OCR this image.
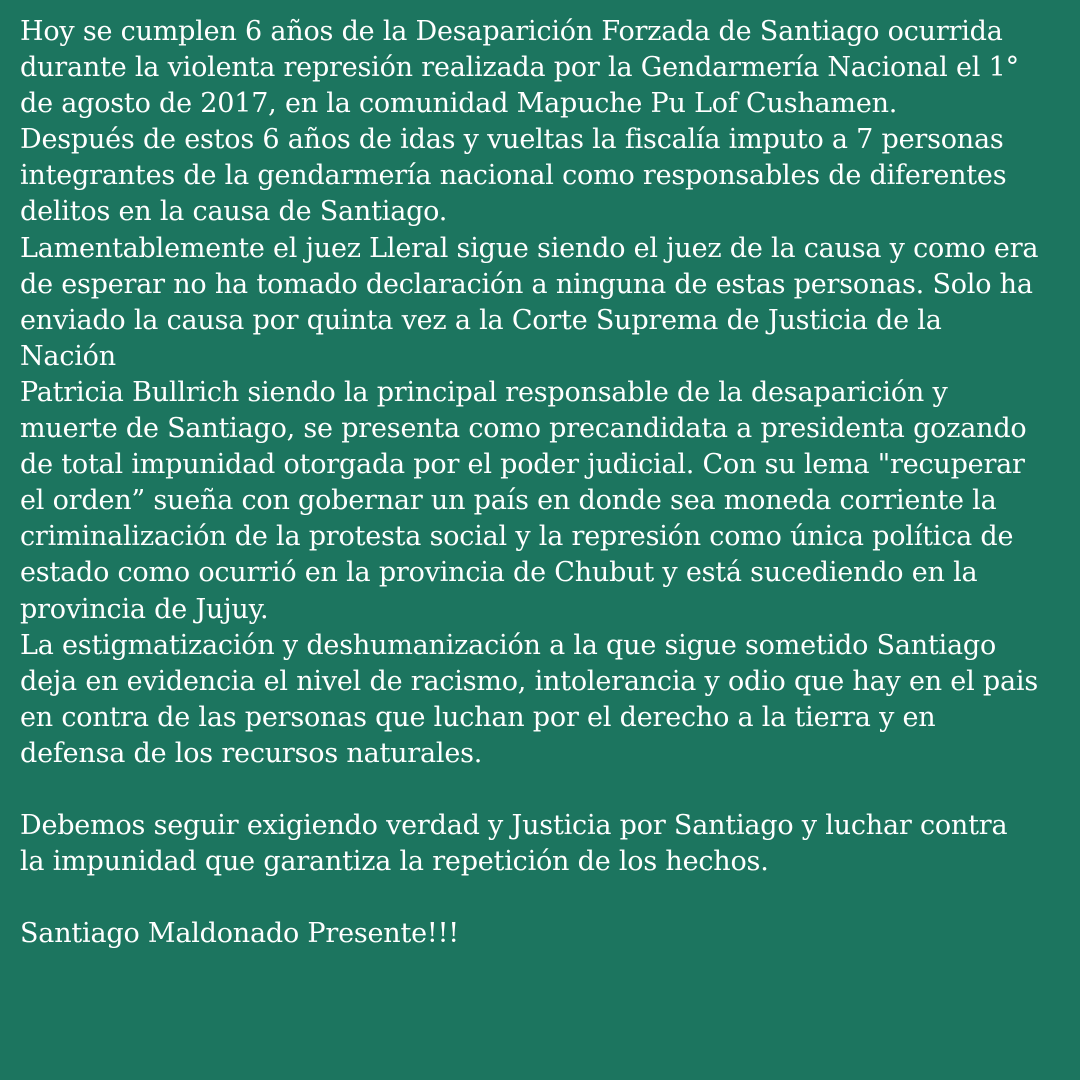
Hoy se cumplen 6 años de la Desaparición Forzada de Santiago ocurrida durante la violenta represión realizada por la Gendarmería Nacional el 1° de agosto de 2017, en la comunidad Mapuche Pu Lof Cushamen.

Después de estos 6 años de idas y vueltas la fiscalía imputo a 7 personas integrantes de la gendarmería nacional como responsables de diferentes delitos en la causa de Santiago.

Lamentablemente el juez Lleral sigue siendo el juez de la causa y como era de esperar no ha tomado declaración a ninguna de estas personas. Solo ha enviado la causa por quinta vez a la Corte Suprema de Justicia de la Nación

Patricia Bullrich siendo la principal responsable de la desaparición y muerte de Santiago, se presenta como precandidata a presidenta gozando de total impunidad otorgada por el poder judicial. Con su lema "recuperar el orden” sueña con gobernar un país en donde sea moneda corriente la criminalización de la protesta social y la represión como única política de estado como ocurrió en la provincia de Chubut y está sucediendo en la provincia de Jujuy.

La estigmatización y deshumanización a la que sigue sometido Santiago deja en evidencia el nivel de racismo, intolerancia y odio que hay en el pais en contra de las personas que luchan por el derecho a la tierra y en defensa de los recursos naturales.

Debemos seguir exigiendo verdad y Justicia por Santiago y luchar contra la impunidad que garantiza la repetición de los hechos.

Santiago Maldonado Presente!!!
